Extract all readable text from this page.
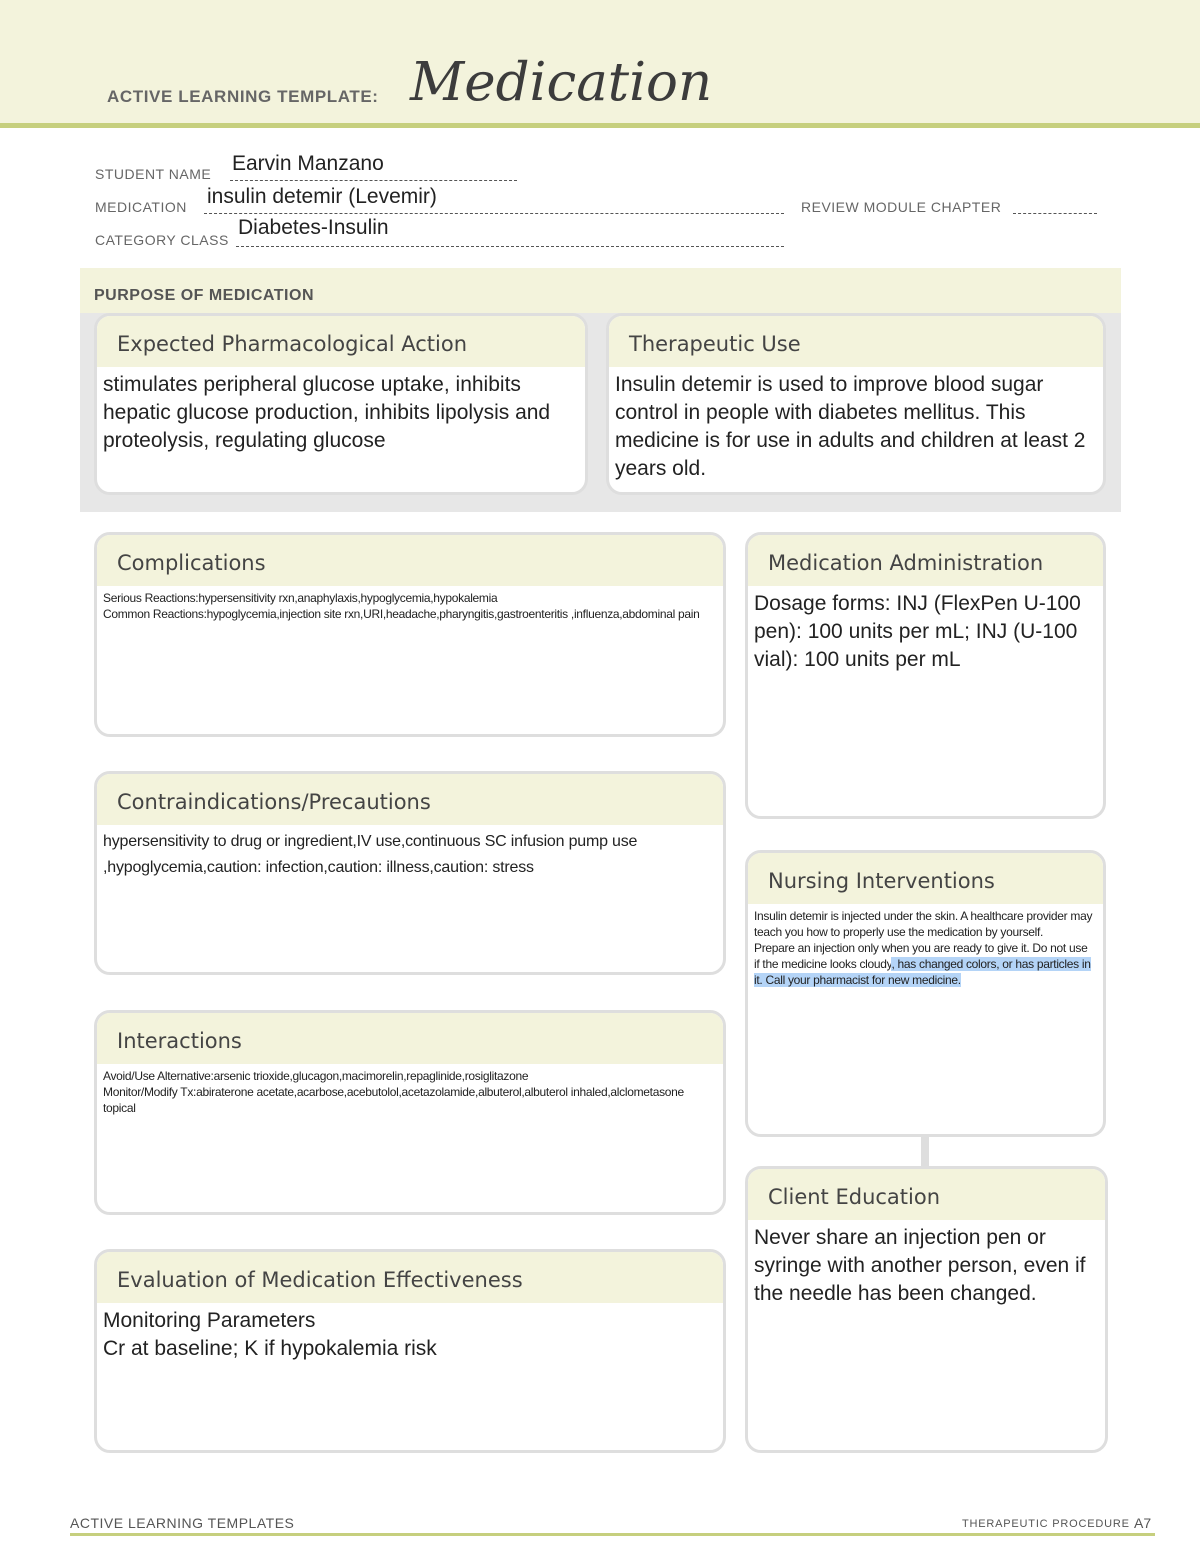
ACTIVE LEARNING TEMPLATE: Medication
STUDENT NAME Earvin Manzano
MEDICATION insulin detemir (Levemir)	REVIEW MODULE CHAPTER
CATEGORY CLASS
Diabetes-Insulin
PURPOSE OF MEDICATION
Expected Pharmacological Action
stimulates peripheral glucose uptake, inhibits hepatic glucose production, inhibits lipolysis and proteolysis, regulating glucose
Therapeutic Use
Insulin detemir is used to improve blood sugar control in people with diabetes mellitus. This medicine is for use in adults and children at least 2 years old.
Complications
Serious Reactions:hypersensitivity rxn,anaphylaxis,hypoglycemia,hypokalemia
Common Reactions:hypoglycemia,injection site rxn,URI,headache,pharyngitis,gastroenteritis ,influenza,abdominal pain
Medication Administration
Dosage forms: INJ (FlexPen U-100 pen): 100 units per mL; INJ (U-100 vial): 100 units per mL
Contraindications/Precautions
hypersensitivity to drug or ingredient,IV use,continuous SC infusion pump use ,hypoglycemia,caution: infection,caution: illness,caution: stress
Nursing Interventions
Insulin detemir is injected under the skin. A healthcare provider may teach you how to properly use the medication by yourself.
Prepare an injection only when you are ready to give it. Do not use if the medicine looks cloudy, has changed colors, or has particles in it. Call your pharmacist for new medicine.
Interactions
Avoid/Use Alternative:arsenic trioxide,glucagon,macimorelin,repaglinide,rosiglitazone
Monitor/Modify Tx:abiraterone acetate,acarbose,acebutolol,acetazolamide,albuterol,albuterol inhaled,alclometasone topical
Client Education
Never share an injection pen or syringe with another person, even if the needle has been changed.
Evaluation of Medication Effectiveness
Monitoring Parameters
Cr at baseline; K if hypokalemia risk
ACTIVE LEARNING TEMPLATES	THERAPEUTIC PROCEDURE A7
